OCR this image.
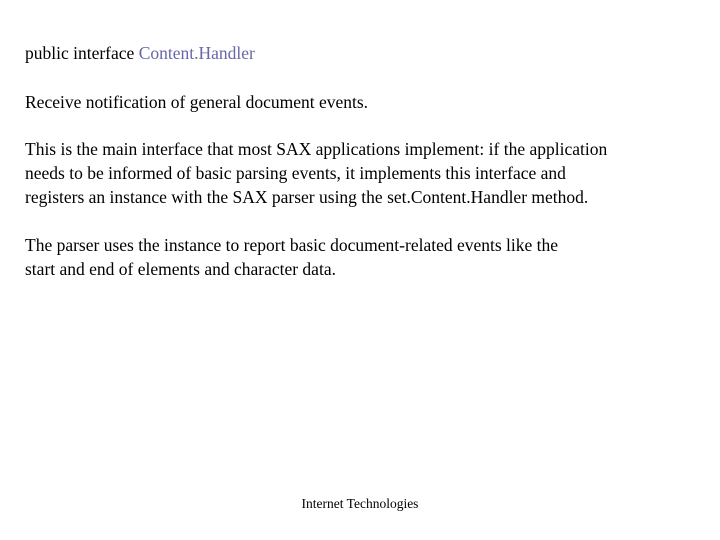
public interface Content.Handler

Receive notification of general document events.

This is the main interface that most SAX applications implement: if the application
needs to be informed of basic parsing events, it implements this interface and
registers an instance with the SAX parser using the set.Content.Handler method.

The parser uses the instance to report basic document-related events like the
start and end of elements and character data.

Internet Technologies
